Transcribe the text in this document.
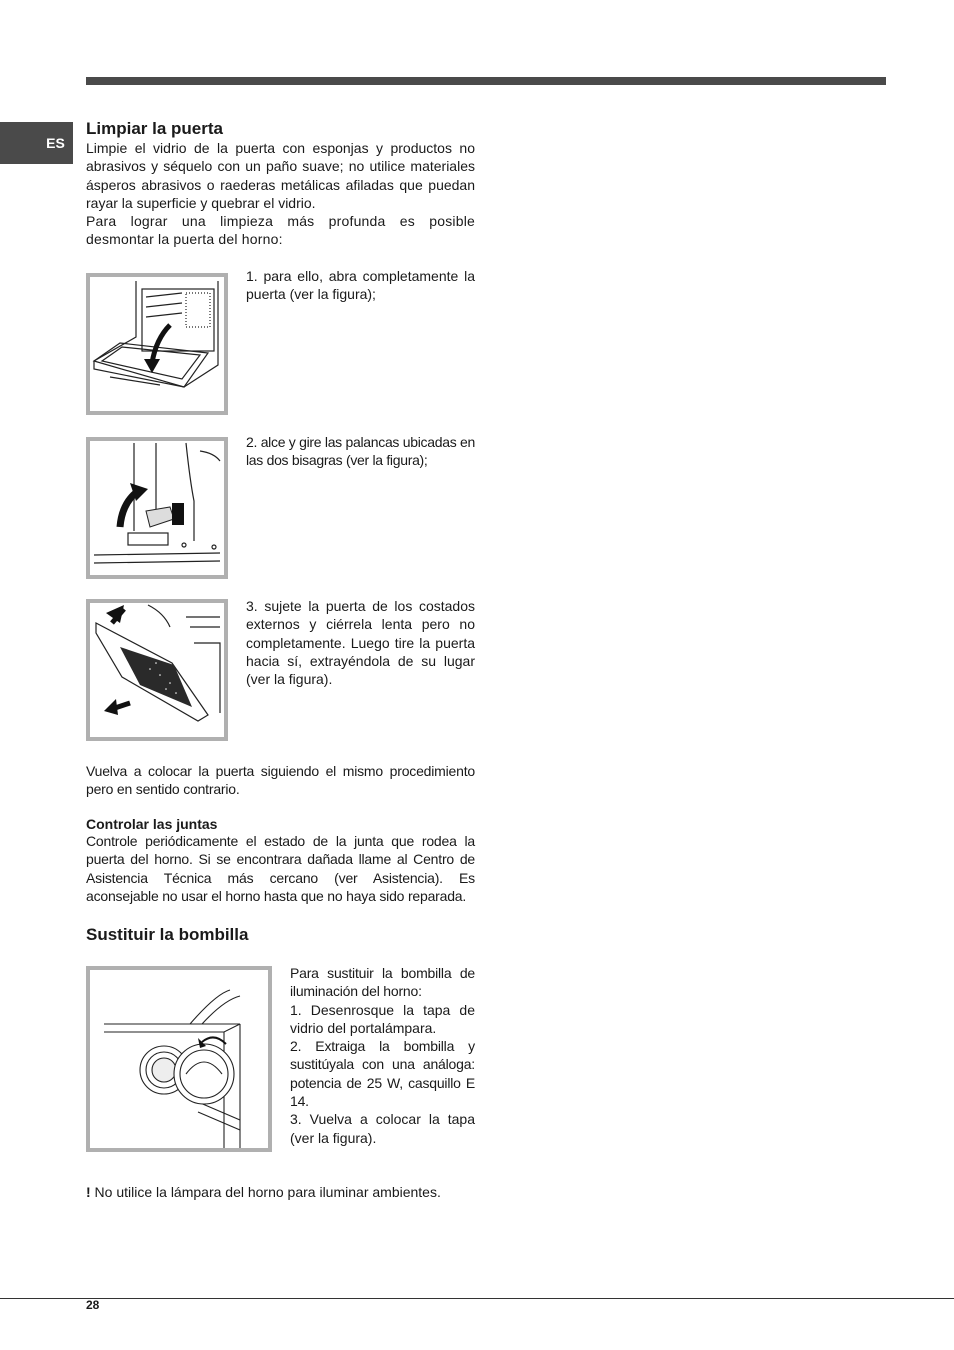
ES
Limpiar la puerta

Limpie el vidrio de la puerta con esponjas y productos no abrasivos y séquelo con un paño suave; no utilice materiales ásperos abrasivos o raederas metálicas afiladas que puedan rayar la superficie y quebrar el vidrio.

Para lograr una limpieza más profunda es posible desmontar la puerta del horno:

1. para ello, abra completamente la puerta (ver la figura);

2. alce y gire las palancas ubicadas en las dos bisagras (ver la figura);

3. sujete la puerta de los costados externos y ciérrela lenta pero no completamente. Luego tire la puerta hacia sí, extrayéndola de su lugar (ver la figura).

Vuelva a colocar la puerta siguiendo el mismo procedimiento pero en sentido contrario.

Controlar las juntas

Controle periódicamente el estado de la junta que rodea la puerta del horno. Si se encontrara dañada llame al Centro de Asistencia Técnica más cercano (ver Asistencia). Es aconsejable no usar el horno hasta que no haya sido reparada.

Sustituir la bombilla

Para sustituir la bombilla de iluminación del horno:

1. Desenrosque la tapa de vidrio del portalámpara.

2. Extraiga la bombilla y sustitúyala con una análoga: potencia de 25 W, casquillo E 14.

3. Vuelva a colocar la tapa (ver la figura).

! No utilice la lámpara del horno para iluminar ambientes.

28
